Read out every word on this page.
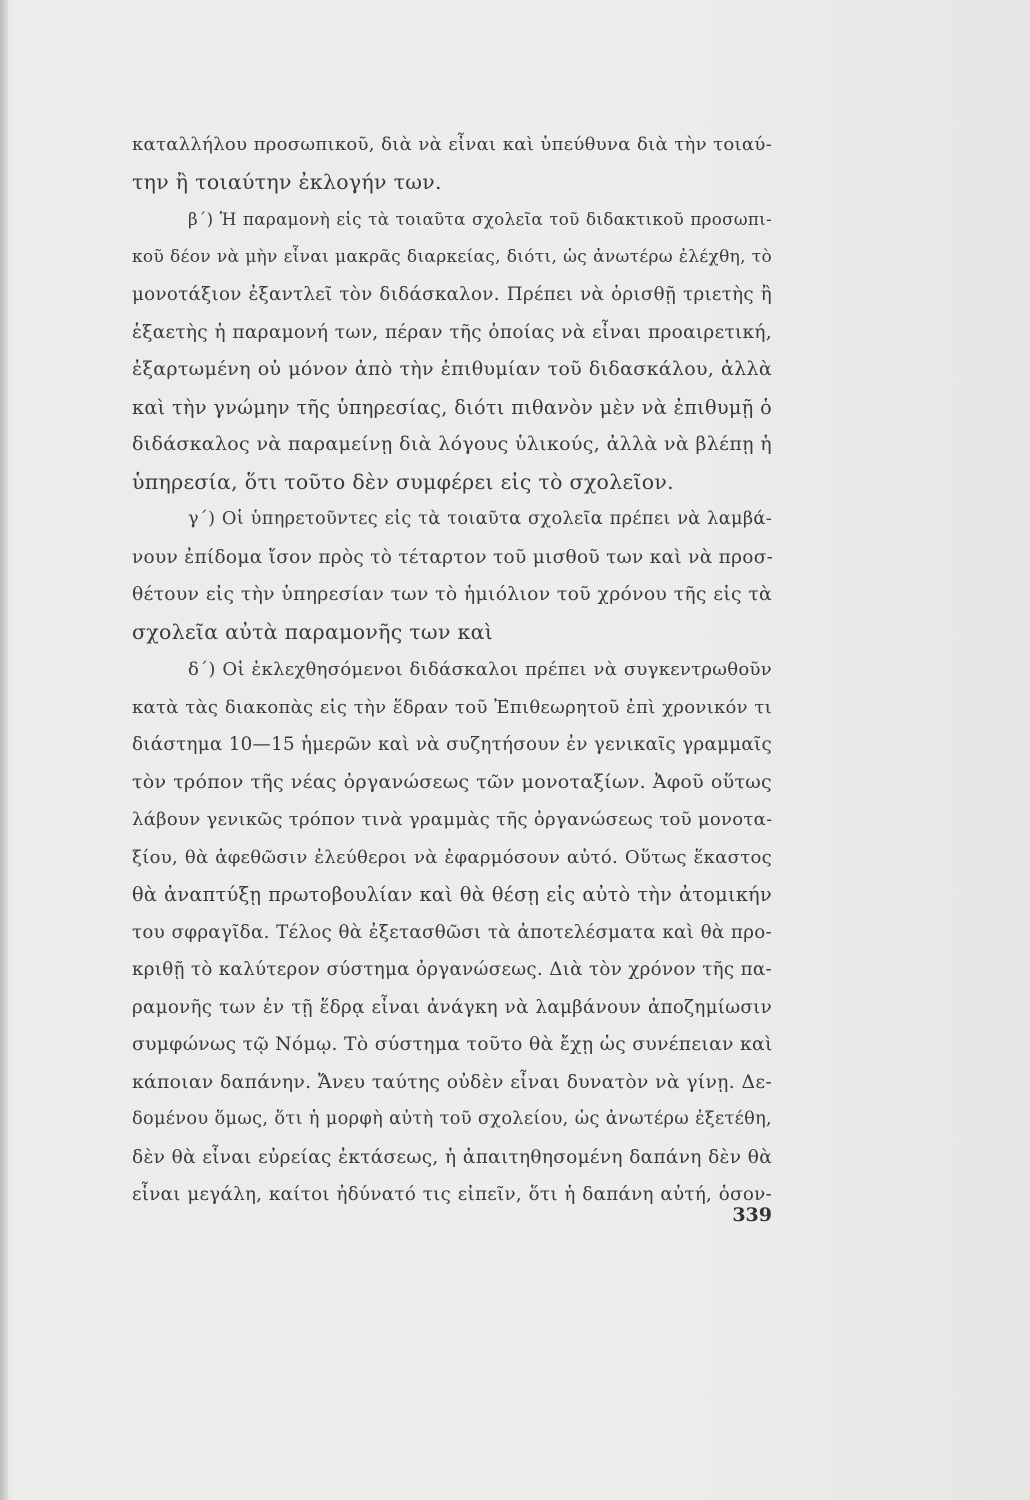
καταλλήλου προσωπικοῦ, διὰ νὰ εἶναι καὶ ὑπεύθυνα διὰ τὴν τοιαύ-
την ἢ τοιαύτην ἐκλογήν των.
β΄) Ἡ παραμονὴ εἰς τὰ τοιαῦτα σχολεῖα τοῦ διδακτικοῦ προσωπι-
κοῦ δέον νὰ μὴν εἶναι μακρᾶς διαρκείας, διότι, ὡς ἀνωτέρω ἐλέχθη, τὸ
μονοτάξιον ἐξαντλεῖ τὸν διδάσκαλον. Πρέπει νὰ ὁρισθῇ τριετὴς ἢ
ἑξαετὴς ἡ παραμονή των, πέραν τῆς ὁποίας νὰ εἶναι προαιρετική,
ἐξαρτωμένη οὐ μόνον ἀπὸ τὴν ἐπιθυμίαν τοῦ διδασκάλου, ἀλλὰ
καὶ τὴν γνώμην τῆς ὑπηρεσίας, διότι πιθανὸν μὲν νὰ ἐπιθυμῇ ὁ
διδάσκαλος νὰ παραμείνῃ διὰ λόγους ὑλικούς, ἀλλὰ νὰ βλέπῃ ἡ
ὑπηρεσία, ὅτι τοῦτο δὲν συμφέρει εἰς τὸ σχολεῖον.
γ΄) Οἱ ὑπηρετοῦντες εἰς τὰ τοιαῦτα σχολεῖα πρέπει νὰ λαμβά-
νουν ἐπίδομα ἴσον πρὸς τὸ τέταρτον τοῦ μισθοῦ των καὶ νὰ προσ-
θέτουν εἰς τὴν ὑπηρεσίαν των τὸ ἡμιόλιον τοῦ χρόνου τῆς εἰς τὰ
σχολεῖα αὐτὰ παραμονῆς των καὶ
δ΄) Οἱ ἐκλεχθησόμενοι διδάσκαλοι πρέπει νὰ συγκεντρωθοῦν
κατὰ τὰς διακοπὰς εἰς τὴν ἕδραν τοῦ Ἐπιθεωρητοῦ ἐπὶ χρονικόν τι
διάστημα 10—15 ἡμερῶν καὶ νὰ συζητήσουν ἐν γενικαῖς γραμμαῖς
τὸν τρόπον τῆς νέας ὀργανώσεως τῶν μονοταξίων. Ἀφοῦ οὕτως
λάβουν γενικῶς τρόπον τινὰ γραμμὰς τῆς ὀργανώσεως τοῦ μονοτα-
ξίου, θὰ ἀφεθῶσιν ἐλεύθεροι νὰ ἐφαρμόσουν αὐτό. Οὕτως ἕκαστος
θὰ ἀναπτύξῃ πρωτοβουλίαν καὶ θὰ θέσῃ εἰς αὐτὸ τὴν ἀτομικήν
του σφραγῖδα. Τέλος θὰ ἐξετασθῶσι τὰ ἀποτελέσματα καὶ θὰ προ-
κριθῇ τὸ καλύτερον σύστημα ὀργανώσεως. Διὰ τὸν χρόνον τῆς πα-
ραμονῆς των ἐν τῇ ἕδρᾳ εἶναι ἀνάγκη νὰ λαμβάνουν ἀποζημίωσιν
συμφώνως τῷ Νόμῳ. Τὸ σύστημα τοῦτο θὰ ἔχῃ ὡς συνέπειαν καὶ
κάποιαν δαπάνην. Ἄνευ ταύτης οὐδὲν εἶναι δυνατὸν νὰ γίνῃ. Δε-
δομένου ὅμως, ὅτι ἡ μορφὴ αὐτὴ τοῦ σχολείου, ὡς ἀνωτέρω ἐξετέθη,
δὲν θὰ εἶναι εὐρείας ἐκτάσεως, ἡ ἀπαιτηθησομένη δαπάνη δὲν θὰ
εἶναι μεγάλη, καίτοι ἠδύνατό τις εἰπεῖν, ὅτι ἡ δαπάνη αὐτή, ὁσον-
339
